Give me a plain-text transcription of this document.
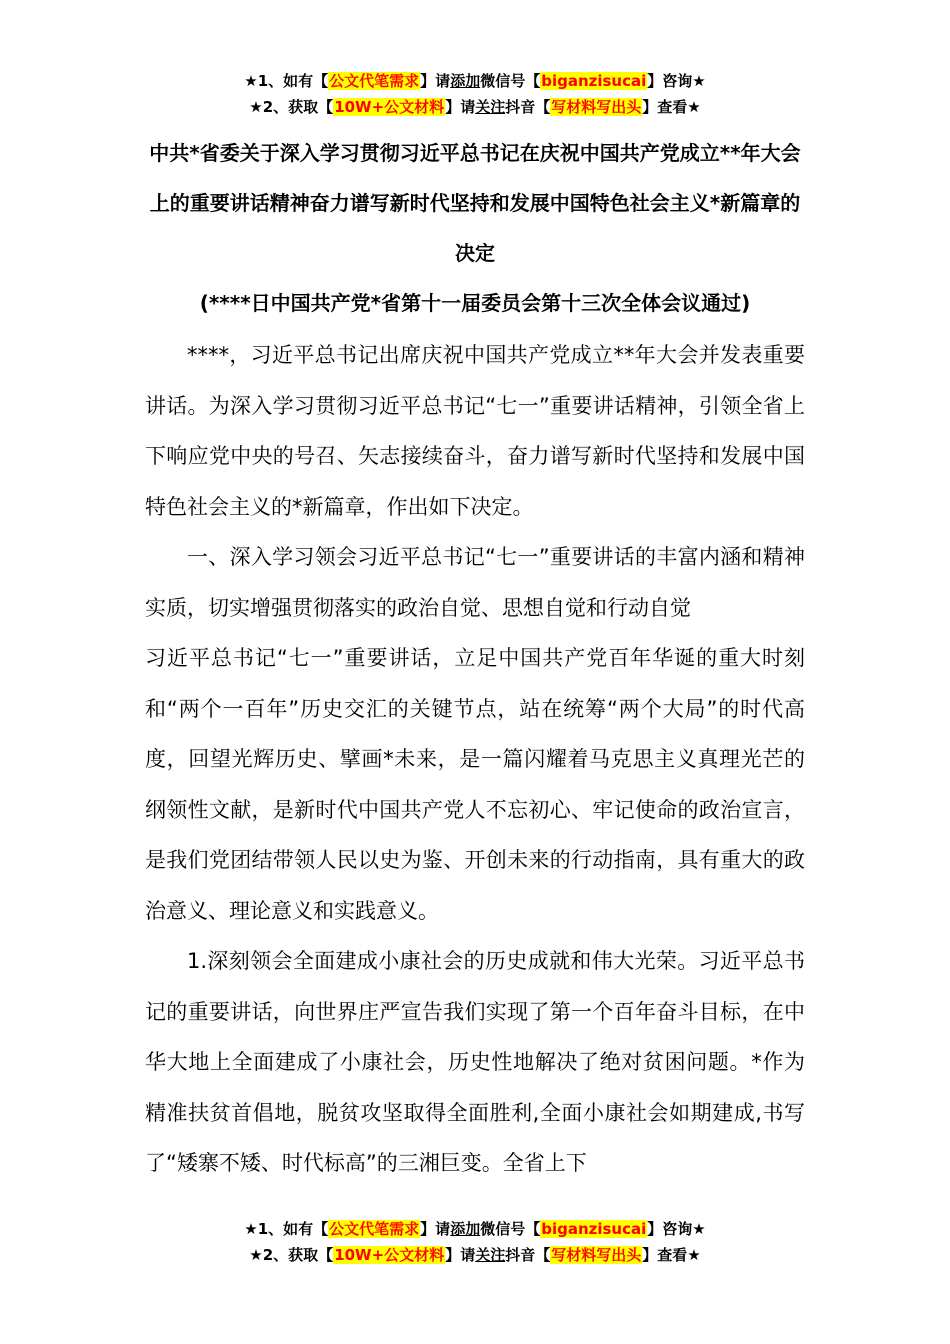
★1、如有【公文代笔需求】请添加微信号【biganzisucai】咨询★
★2、获取【10W+公文材料】请关注抖音【写材料写出头】查看★
中共*省委关于深入学习贯彻习近平总书记在庆祝中国共产党成立**年大会上的重要讲话精神奋力谱写新时代坚持和发展中国特色社会主义*新篇章的决定

(****日中国共产党*省第十一届委员会第十三次全体会议通过)

****，习近平总书记出席庆祝中国共产党成立**年大会并发表重要讲话。为深入学习贯彻习近平总书记“七一”重要讲话精神，引领全省上下响应党中央的号召、矢志接续奋斗，奋力谱写新时代坚持和发展中国特色社会主义的*新篇章，作出如下决定。

一、深入学习领会习近平总书记“七一”重要讲话的丰富内涵和精神实质，切实增强贯彻落实的政治自觉、思想自觉和行动自觉

习近平总书记“七一”重要讲话，立足中国共产党百年华诞的重大时刻和“两个一百年”历史交汇的关键节点，站在统筹“两个大局”的时代高度，回望光辉历史、擘画*未来，是一篇闪耀着马克思主义真理光芒的纲领性文献，是新时代中国共产党人不忘初心、牢记使命的政治宣言，是我们党团结带领人民以史为鉴、开创未来的行动指南，具有重大的政治意义、理论意义和实践意义。

1.深刻领会全面建成小康社会的历史成就和伟大光荣。习近平总书记的重要讲话，向世界庄严宣告我们实现了第一个百年奋斗目标，在中华大地上全面建成了小康社会，历史性地解决了绝对贫困问题。*作为精准扶贫首倡地，脱贫攻坚取得全面胜利,全面小康社会如期建成,书写了“矮寨不矮、时代标高”的三湘巨变。全省上下

★1、如有【公文代笔需求】请添加微信号【biganzisucai】咨询★
★2、获取【10W+公文材料】请关注抖音【写材料写出头】查看★
